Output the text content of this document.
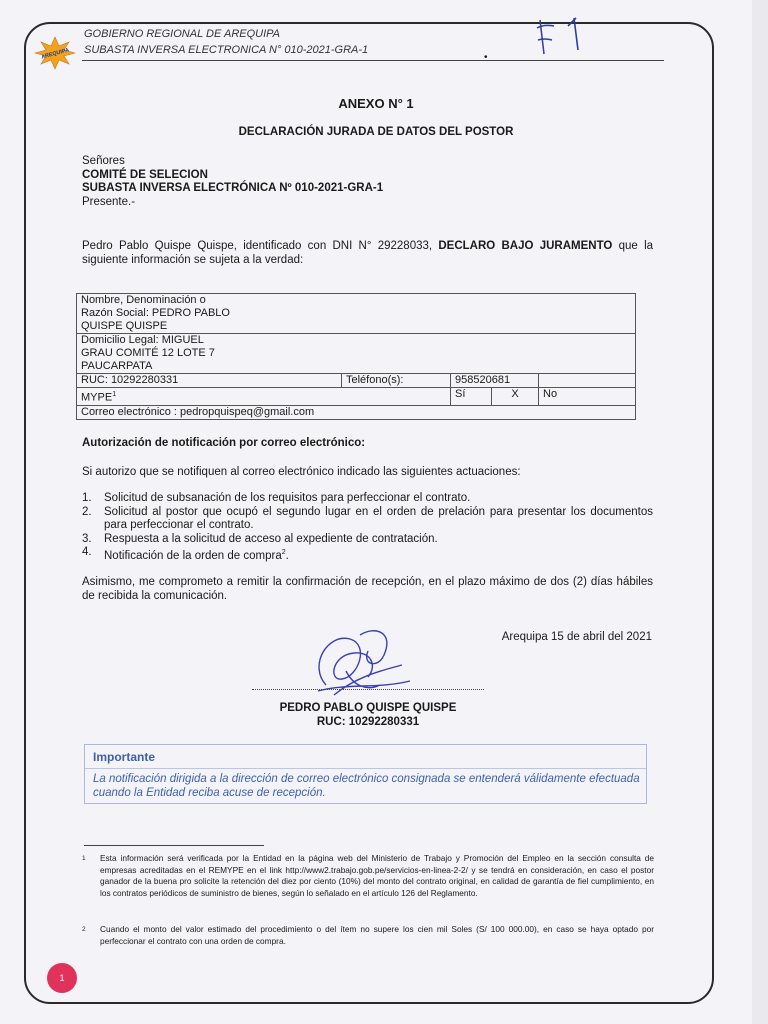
AREQUIPA
GOBIERNO REGIONAL DE AREQUIPA
SUBASTA INVERSA ELECTRONICA N° 010-2021-GRA-1
•
ANEXO N° 1
DECLARACIÓN JURADA DE DATOS DEL POSTOR
Señores
COMITÉ DE SELECION
SUBASTA INVERSA ELECTRÓNICA Nº 010-2021-GRA-1
Presente.-
Pedro Pablo Quispe Quispe, identificado con DNI N° 29228033, DECLARO BAJO JURAMENTO que la siguiente información se sujeta a la verdad:
Nombre, Denominación o
Razón Social: PEDRO PABLO
QUISPE QUISPE				

Domicilio Legal: MIGUEL
GRAU COMITÉ 12 LOTE 7
PAUCARPATA				

RUC: 10292280331	Teléfono(s):	958520681		
MYPE$^1$		Sí	X	No
Correo electrónico : pedropquispeq@gmail.com				
Autorización de notificación por correo electrónico:
Si autorizo que se notifiquen al correo electrónico indicado las siguientes actuaciones:
1.	Solicitud de subsanación de los requisitos para perfeccionar el contrato.
2.	Solicitud al postor que ocupó el segundo lugar en el orden de prelación para presentar los documentos para perfeccionar el contrato.
3.	Respuesta a la solicitud de acceso al expediente de contratación.
4.	Notificación de la orden de compra$^2$.
Asimismo, me comprometo a remitir la confirmación de recepción, en el plazo máximo de dos (2) días hábiles de recibida la comunicación.
Arequipa 15 de abril del 2021
PEDRO PABLO QUISPE QUISPE
RUC: 10292280331
Importante
La notificación dirigida a la dirección de correo electrónico consignada se entenderá válidamente efectuada cuando la Entidad reciba acuse de recepción.
1	Esta información será verificada por la Entidad en la página web del Ministerio de Trabajo y Promoción del Empleo en la sección consulta de empresas acreditadas en el REMYPE en el link http://www2.trabajo.gob.pe/servicios-en-linea-2-2/ y se tendrá en consideración, en caso el postor ganador de la buena pro solicite la retención del diez por ciento (10%) del monto del contrato original, en calidad de garantía de fiel cumplimiento, en los contratos periódicos de suministro de bienes, según lo señalado en el artículo 126 del Reglamento.
2	Cuando el monto del valor estimado del procedimiento o del ítem no supere los cien mil Soles (S/ 100 000.00), en caso se haya optado por perfeccionar el contrato con una orden de compra.
1
